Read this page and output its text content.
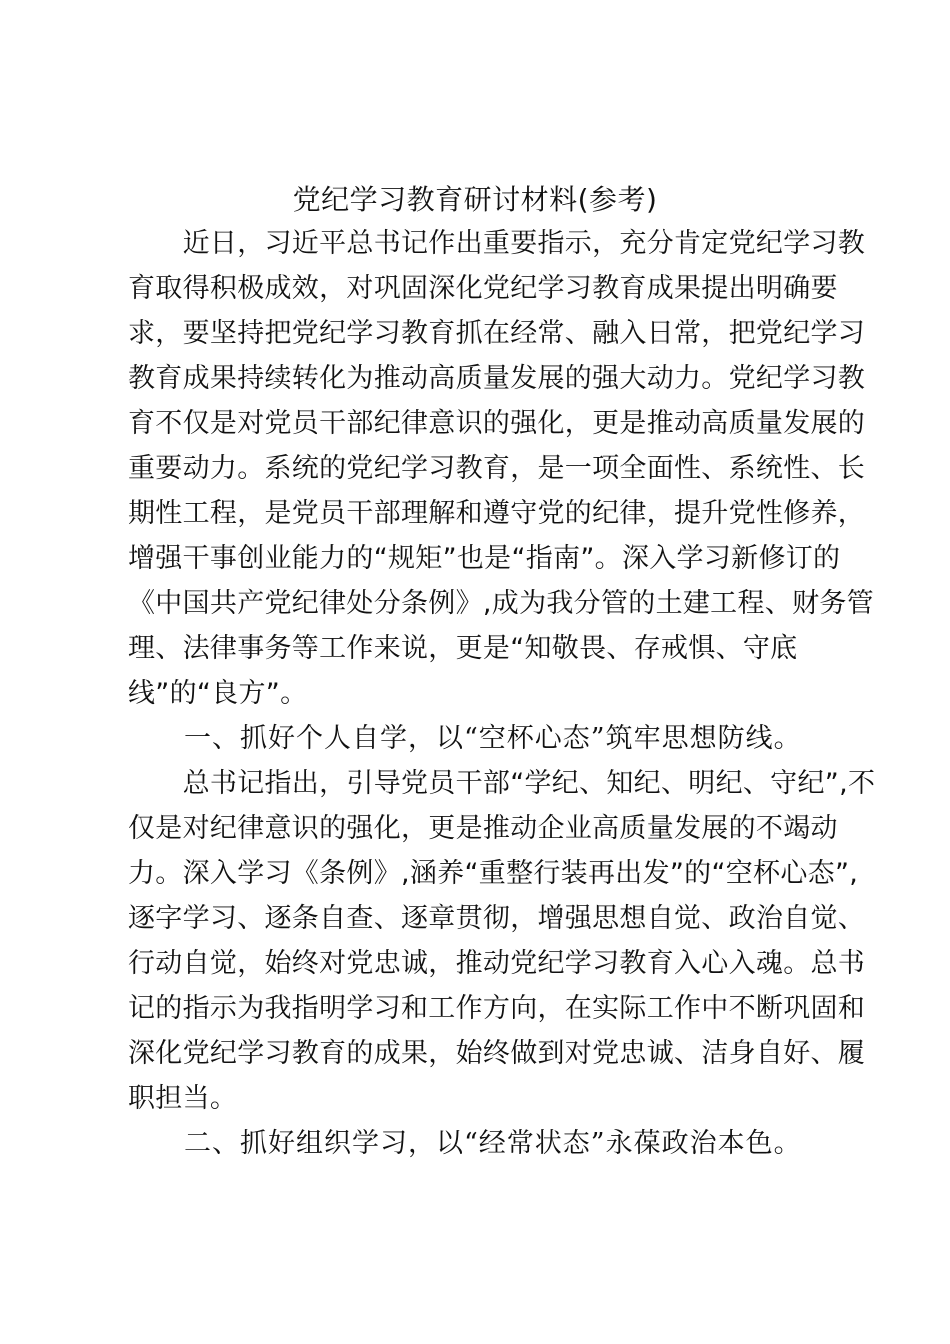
党纪学习教育研讨材料(参考)
　　近日，习近平总书记作出重要指示，充分肯定党纪学习教
育取得积极成效，对巩固深化党纪学习教育成果提出明确要
求，要坚持把党纪学习教育抓在经常、融入日常，把党纪学习
教育成果持续转化为推动高质量发展的强大动力。党纪学习教
育不仅是对党员干部纪律意识的强化，更是推动高质量发展的
重要动力。系统的党纪学习教育，是一项全面性、系统性、长
期性工程，是党员干部理解和遵守党的纪律，提升党性修养，
增强干事创业能力的“规矩”也是“指南”。深入学习新修订的
《中国共产党纪律处分条例》,成为我分管的土建工程、财务管
理、法律事务等工作来说，更是“知敬畏、存戒惧、守底
线”的“良方”。
　　一、抓好个人自学，以“空杯心态”筑牢思想防线。
　　总书记指出，引导党员干部“学纪、知纪、明纪、守纪”,不
仅是对纪律意识的强化，更是推动企业高质量发展的不竭动
力。深入学习《条例》,涵养“重整行装再出发”的“空杯心态”,
逐字学习、逐条自查、逐章贯彻，增强思想自觉、政治自觉、
行动自觉，始终对党忠诚，推动党纪学习教育入心入魂。总书
记的指示为我指明学习和工作方向，在实际工作中不断巩固和
深化党纪学习教育的成果，始终做到对党忠诚、洁身自好、履
职担当。
　　二、抓好组织学习，以“经常状态”永葆政治本色。
